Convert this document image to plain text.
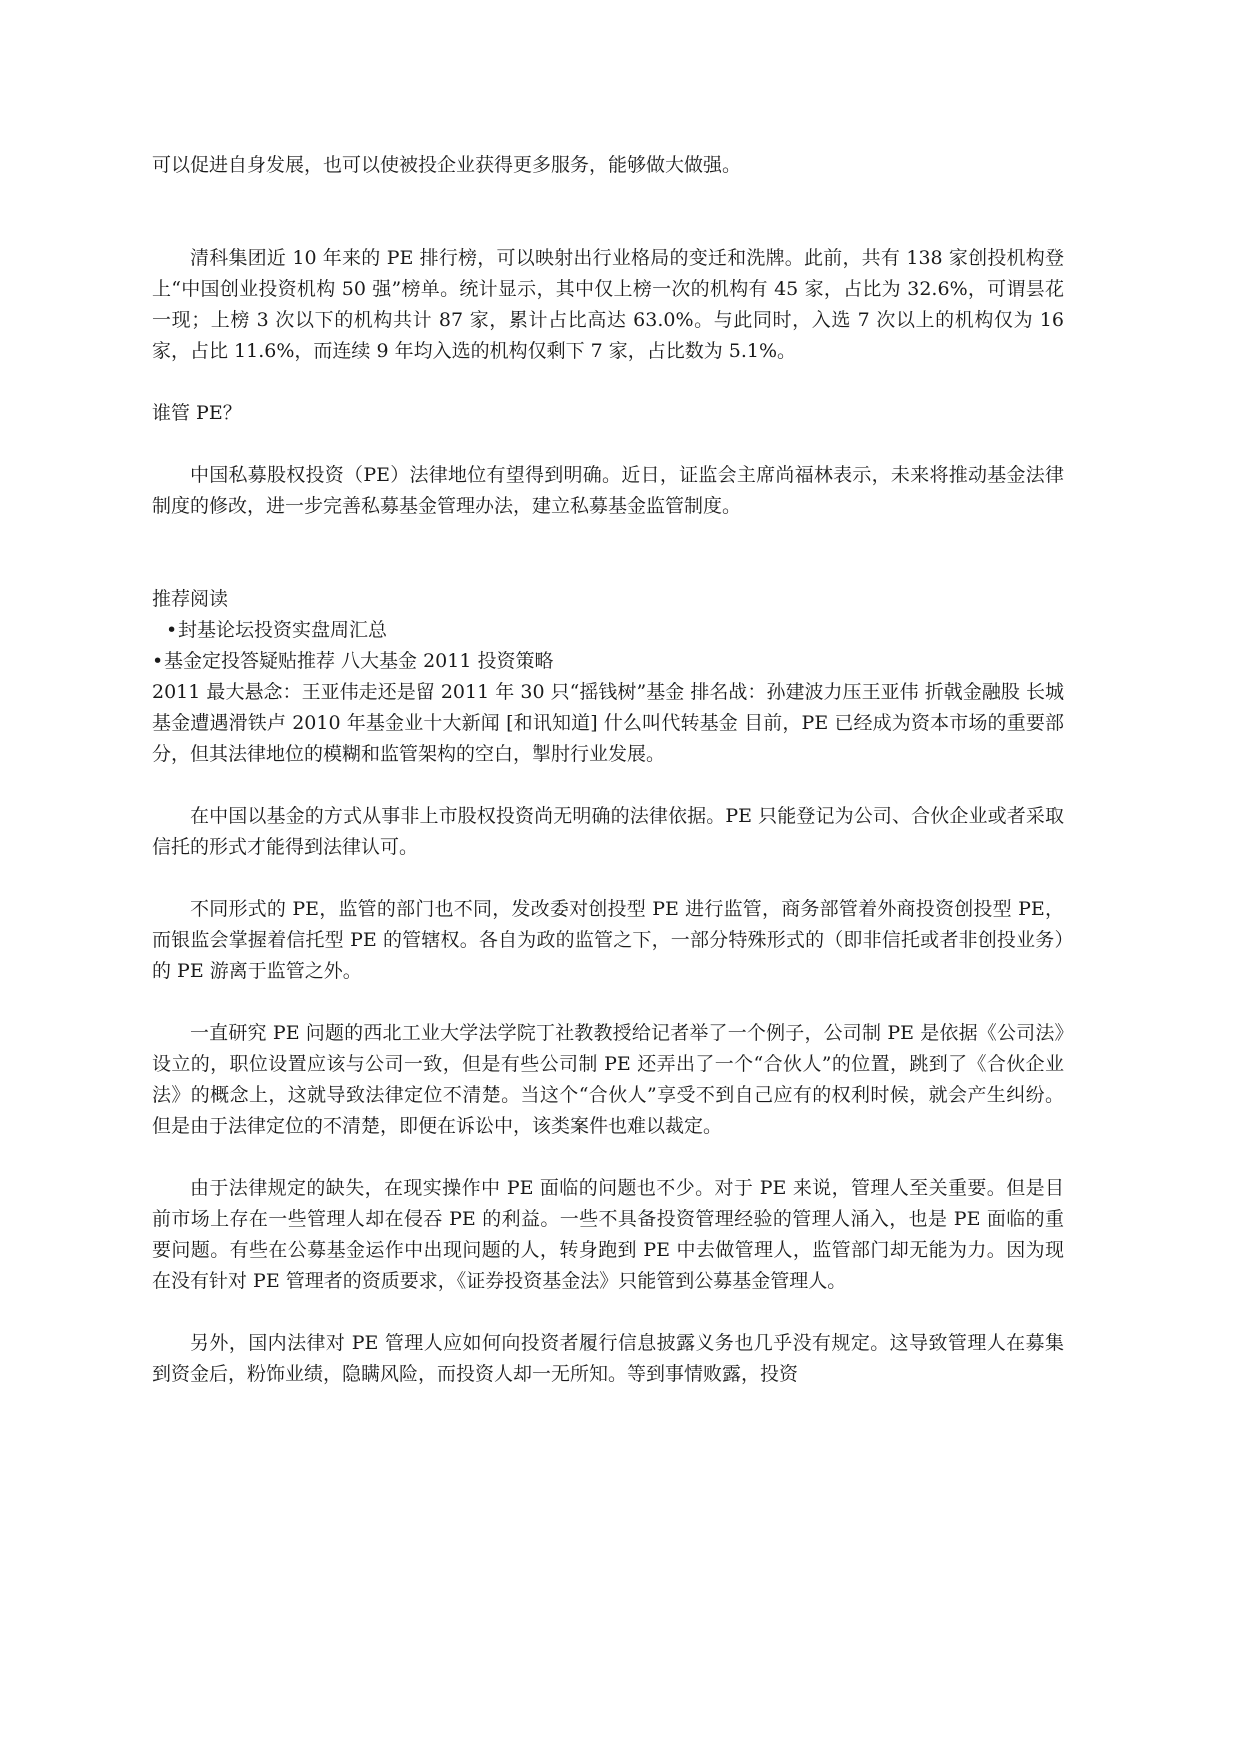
可以促进自身发展，也可以使被投企业获得更多服务，能够做大做强。

清科集团近 10 年来的 PE 排行榜，可以映射出行业格局的变迁和洗牌。此前，共有 138 家创投机构登上“中国创业投资机构 50 强”榜单。统计显示，其中仅上榜一次的机构有 45 家，占比为 32.6%，可谓昙花一现；上榜 3 次以下的机构共计 87 家，累计占比高达 63.0%。与此同时，入选 7 次以上的机构仅为 16 家，占比 11.6%，而连续 9 年均入选的机构仅剩下 7 家，占比数为 5.1%。

谁管 PE？

中国私募股权投资（PE）法律地位有望得到明确。近日，证监会主席尚福林表示，未来将推动基金法律制度的修改，进一步完善私募基金管理办法，建立私募基金监管制度。

推荐阅读

•封基论坛投资实盘周汇总

•基金定投答疑贴推荐 八大基金 2011 投资策略

2011 最大悬念：王亚伟走还是留 2011 年 30 只“摇钱树”基金 排名战：孙建波力压王亚伟 折戟金融股 长城基金遭遇滑铁卢 2010 年基金业十大新闻 [和讯知道] 什么叫代转基金 目前，PE 已经成为资本市场的重要部分，但其法律地位的模糊和监管架构的空白，掣肘行业发展。

在中国以基金的方式从事非上市股权投资尚无明确的法律依据。PE 只能登记为公司、合伙企业或者采取信托的形式才能得到法律认可。

不同形式的 PE，监管的部门也不同，发改委对创投型 PE 进行监管，商务部管着外商投资创投型 PE，而银监会掌握着信托型 PE 的管辖权。各自为政的监管之下，一部分特殊形式的（即非信托或者非创投业务）的 PE 游离于监管之外。

一直研究 PE 问题的西北工业大学法学院丁社教教授给记者举了一个例子，公司制 PE 是依据《公司法》设立的，职位设置应该与公司一致，但是有些公司制 PE 还弄出了一个“合伙人”的位置，跳到了《合伙企业法》的概念上，这就导致法律定位不清楚。当这个“合伙人”享受不到自己应有的权利时候，就会产生纠纷。但是由于法律定位的不清楚，即便在诉讼中，该类案件也难以裁定。

由于法律规定的缺失，在现实操作中 PE 面临的问题也不少。对于 PE 来说，管理人至关重要。但是目前市场上存在一些管理人却在侵吞 PE 的利益。一些不具备投资管理经验的管理人涌入，也是 PE 面临的重要问题。有些在公募基金运作中出现问题的人，转身跑到 PE 中去做管理人，监管部门却无能为力。因为现在没有针对 PE 管理者的资质要求，《证券投资基金法》只能管到公募基金管理人。

另外，国内法律对 PE 管理人应如何向投资者履行信息披露义务也几乎没有规定。这导致管理人在募集到资金后，粉饰业绩，隐瞒风险，而投资人却一无所知。等到事情败露，投资
